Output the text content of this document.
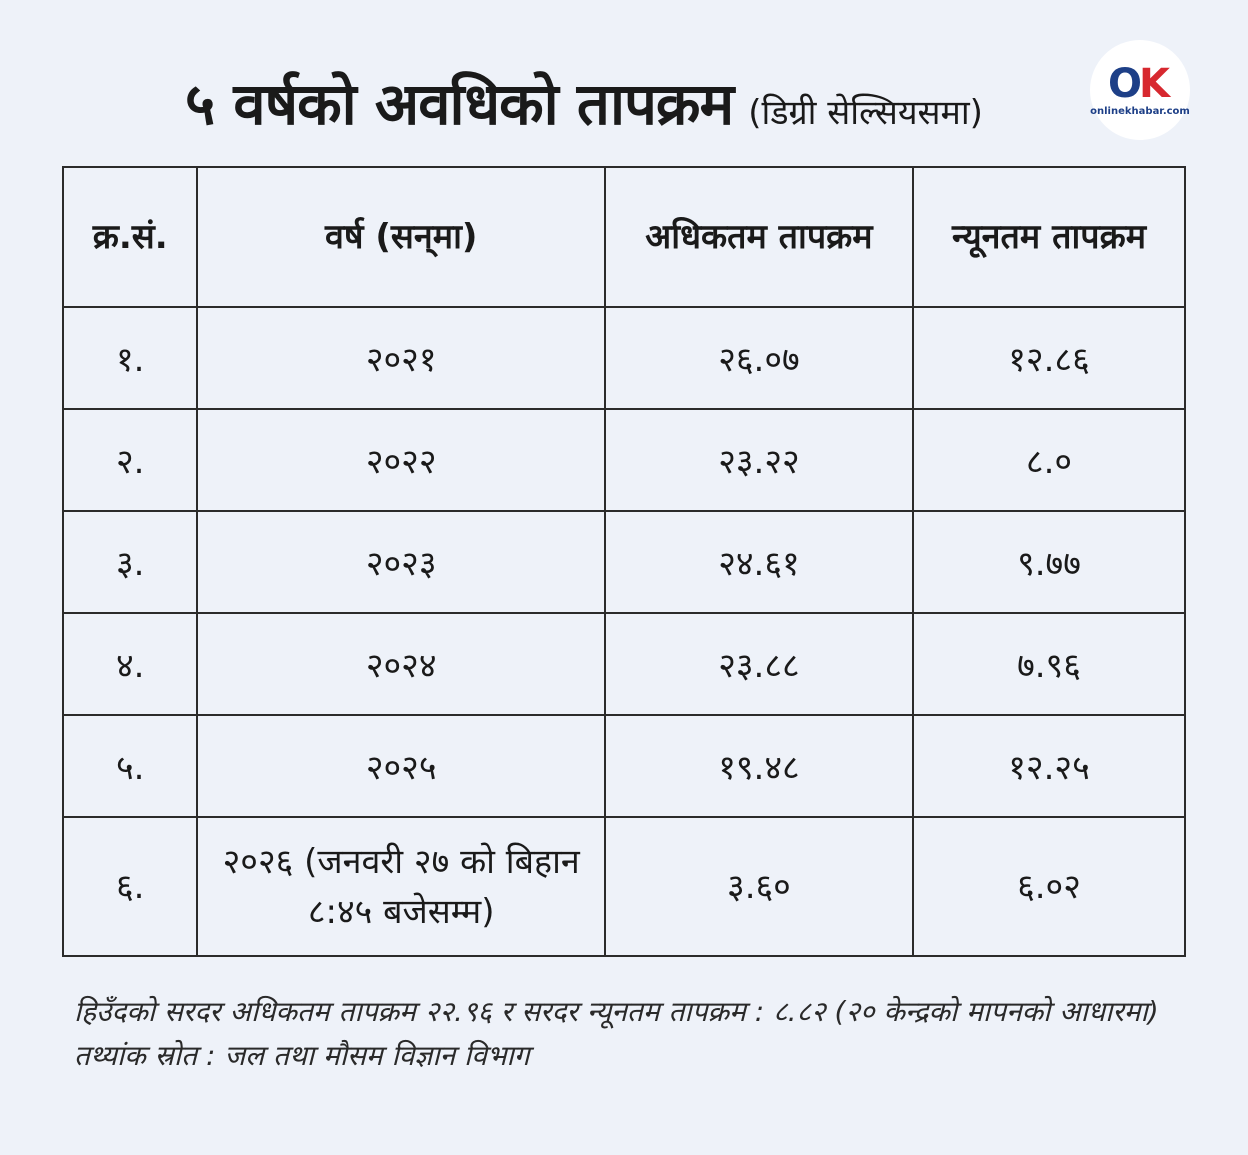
५ वर्षको अवधिको तापक्रम (डिग्री सेल्सियसमा)
OK
onlinekhabar.com
क्र.सं.	वर्ष (सन्‌मा)	अधिकतम तापक्रम	न्यूनतम तापक्रम
१.	२०२१	२६.०७	१२.८६
२.	२०२२	२३.२२	८.०
३.	२०२३	२४.६१	९.७७
४.	२०२४	२३.८८	७.९६
५.	२०२५	१९.४८	१२.२५
६.	२०२६ (जनवरी २७ को बिहान ८:४५ बजेसम्म)	३.६०	६.०२
हिउँदको सरदर अधिकतम तापक्रम २२.९६ र सरदर न्यूनतम तापक्रम : ८.८२ (२० केन्द्रको मापनको आधारमा)
तथ्यांक स्रोत : जल तथा मौसम विज्ञान विभाग
